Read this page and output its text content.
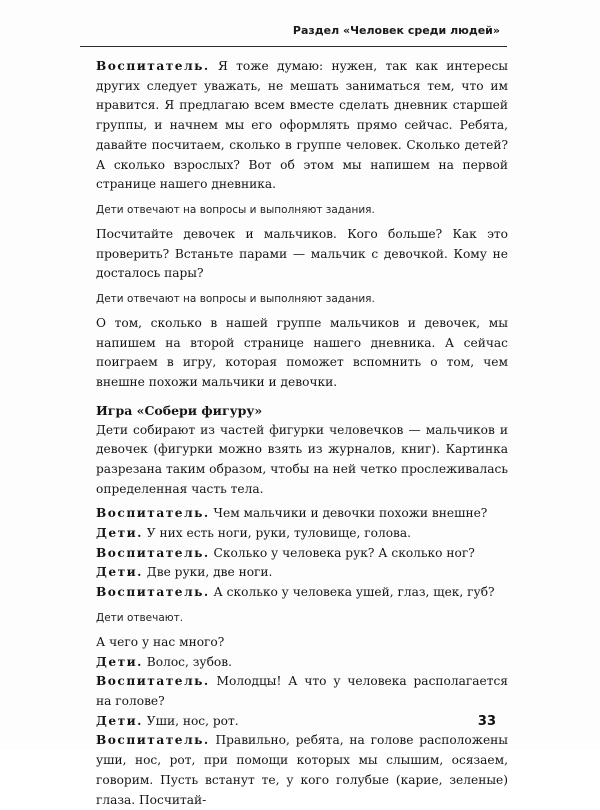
Раздел «Человек среди людей»

Воспитатель. Я тоже думаю: нужен, так как интересы других следует уважать, не мешать заниматься тем, что им нравится. Я предлагаю всем вместе сделать дневник старшей группы, и начнем мы его оформлять прямо сейчас. Ребята, давайте посчитаем, сколько в группе человек. Сколько детей? А сколько взрослых? Вот об этом мы напишем на первой странице нашего дневника.

Дети отвечают на вопросы и выполняют задания.

Посчитайте девочек и мальчиков. Кого больше? Как это проверить? Встаньте парами — мальчик с девочкой. Кому не досталось пары?

Дети отвечают на вопросы и выполняют задания.

О том, сколько в нашей группе мальчиков и девочек, мы напишем на второй странице нашего дневника. А сейчас поиграем в игру, которая поможет вспомнить о том, чем внешне похожи мальчики и девочки.

Игра «Собери фигуру»

Дети собирают из частей фигурки человечков — мальчиков и девочек (фигурки можно взять из журналов, книг). Картинка разрезана таким образом, чтобы на ней четко прослеживалась определенная часть тела.

Воспитатель. Чем мальчики и девочки похожи внешне?

Дети. У них есть ноги, руки, туловище, голова.

Воспитатель. Сколько у человека рук? А сколько ног?

Дети. Две руки, две ноги.

Воспитатель. А сколько у человека ушей, глаз, щек, губ?

Дети отвечают.

А чего у нас много?

Дети. Волос, зубов.

Воспитатель. Молодцы! А что у человека располагается на голове?

Дети. Уши, нос, рот.

Воспитатель. Правильно, ребята, на голове расположены уши, нос, рот, при помощи которых мы слышим, осязаем, говорим. Пусть встанут те, у кого голубые (карие, зеленые) глаза. Посчитай-

33
